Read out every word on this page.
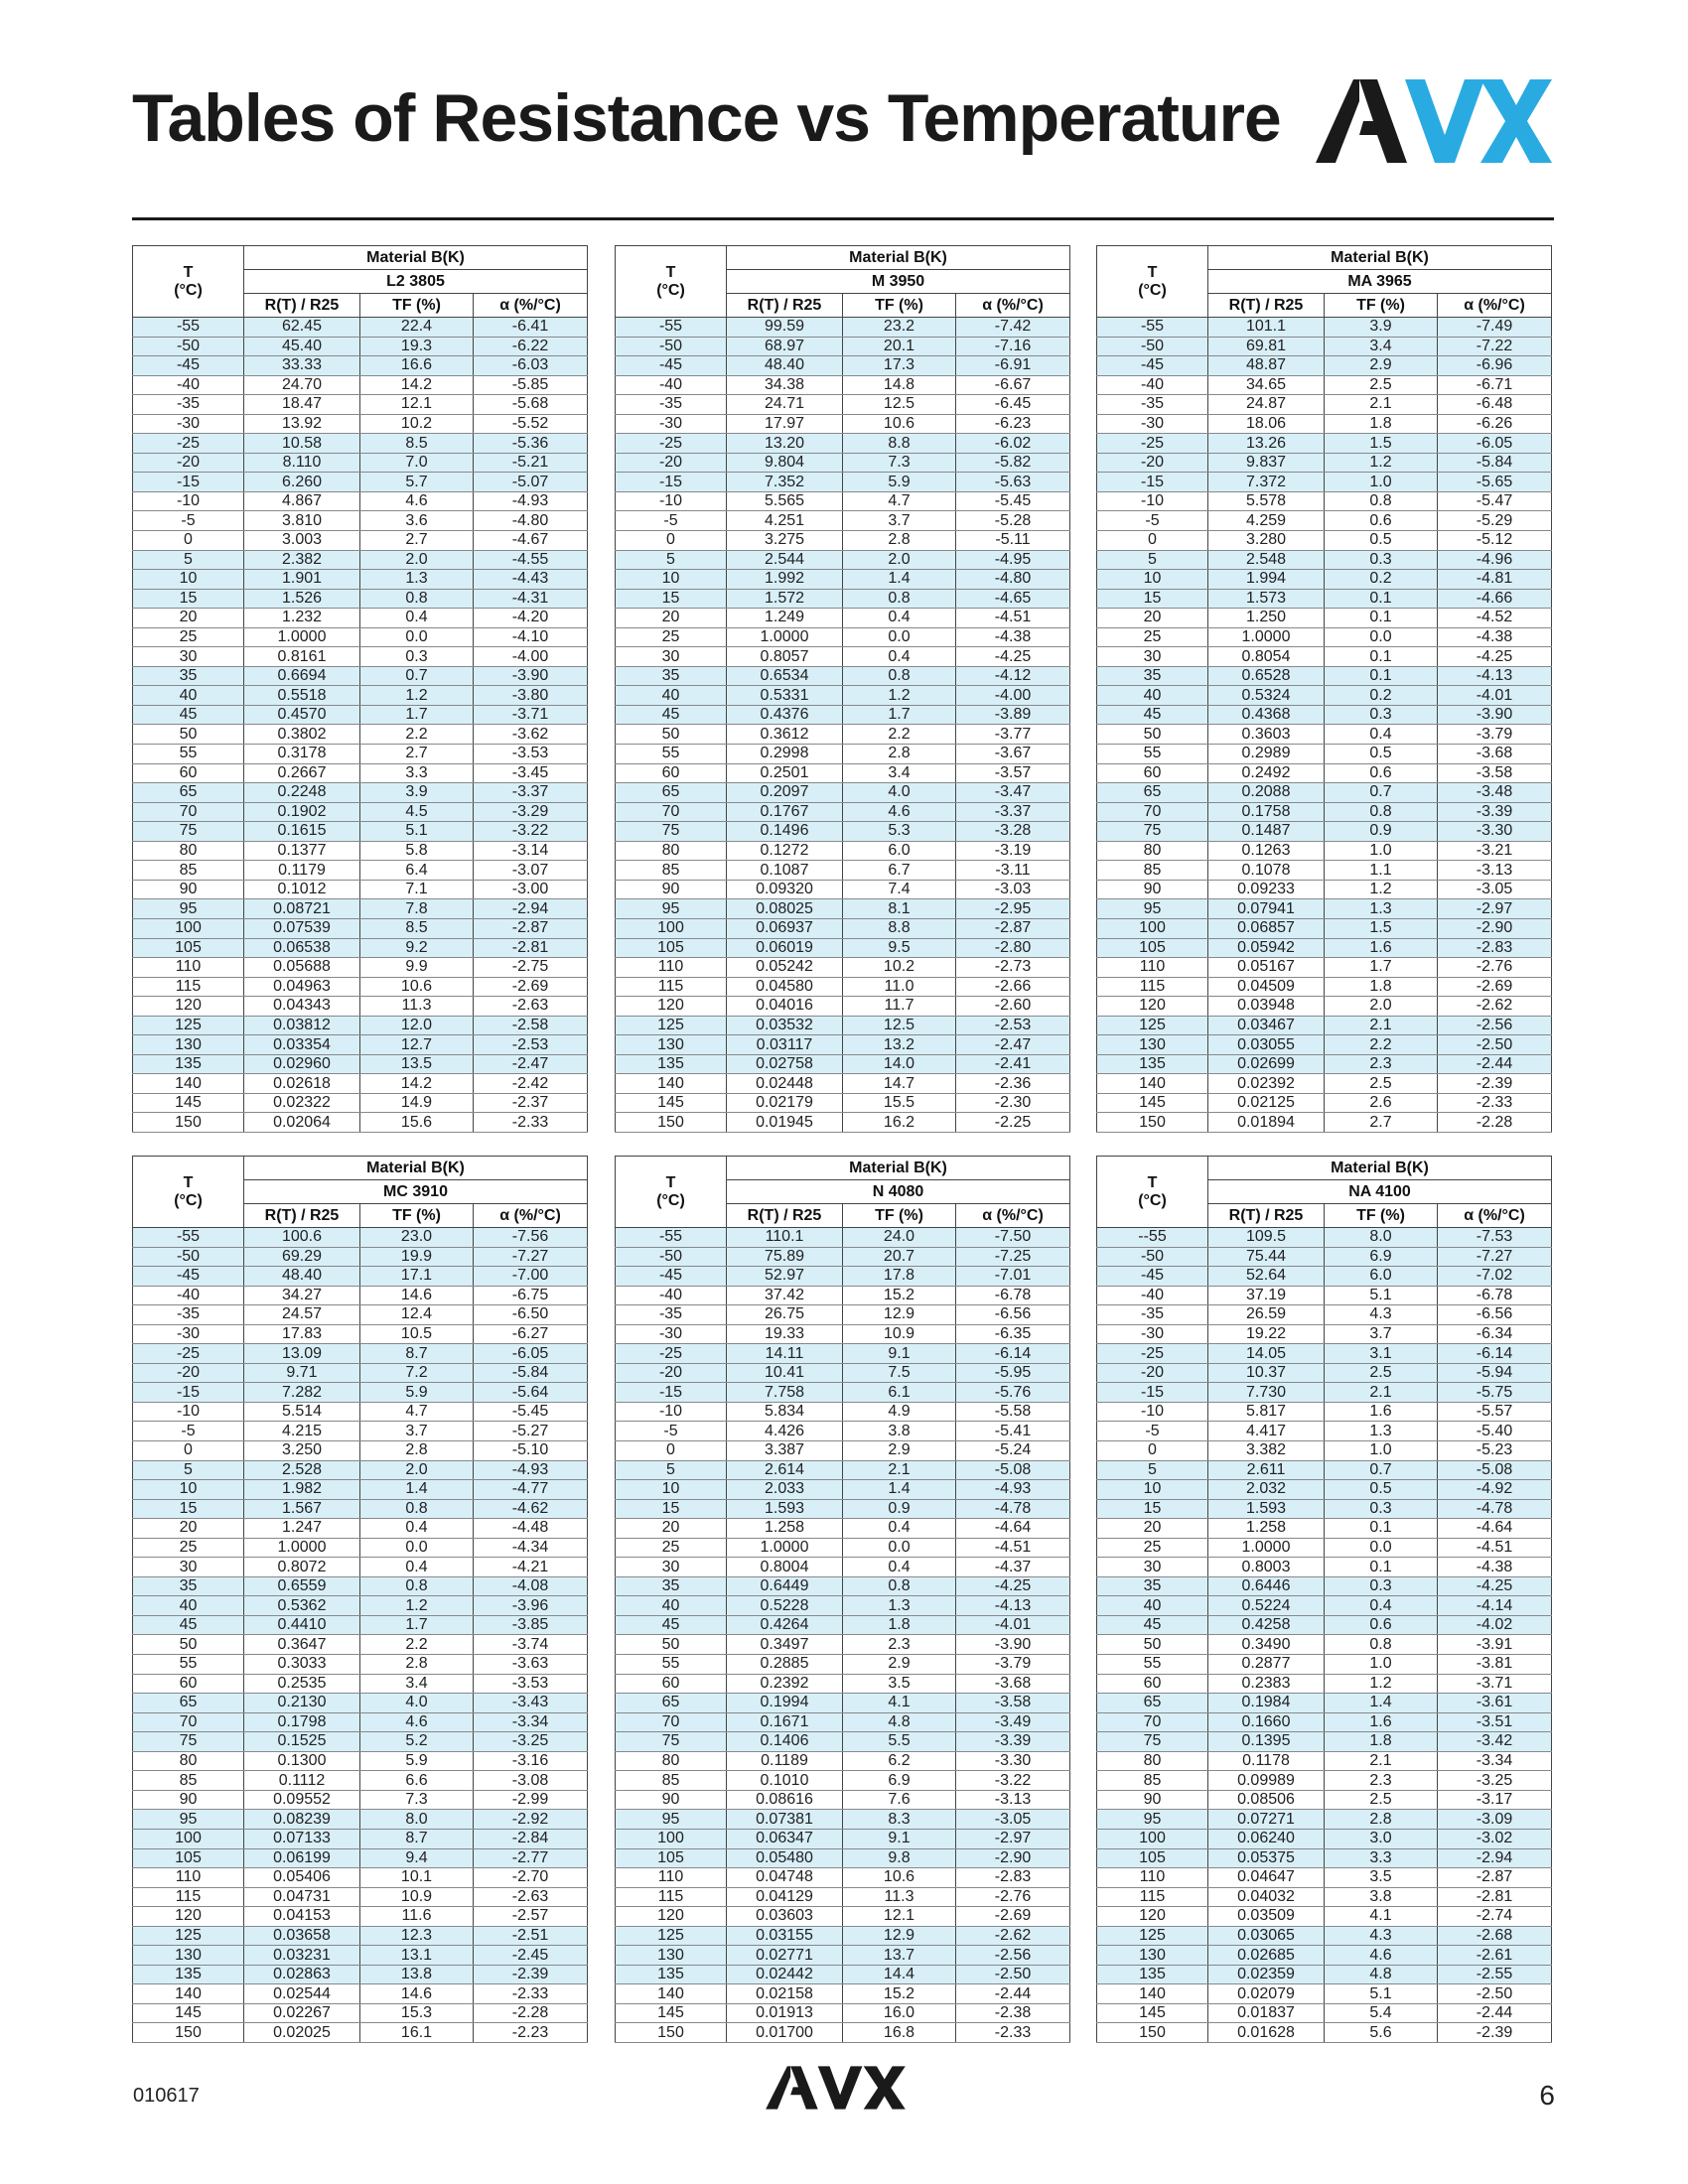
Tables of Resistance vs Temperature
T
(°C)	Material B(K)		
	L2 3805		
	R(T) / R25	TF (%)	α (%/°C)
-55	62.45	22.4	-6.41
-50	45.40	19.3	-6.22
-45	33.33	16.6	-6.03
-40	24.70	14.2	-5.85
-35	18.47	12.1	-5.68
-30	13.92	10.2	-5.52
-25	10.58	8.5	-5.36
-20	8.110	7.0	-5.21
-15	6.260	5.7	-5.07
-10	4.867	4.6	-4.93
-5	3.810	3.6	-4.80
0	3.003	2.7	-4.67
5	2.382	2.0	-4.55
10	1.901	1.3	-4.43
15	1.526	0.8	-4.31
20	1.232	0.4	-4.20
25	1.0000	0.0	-4.10
30	0.8161	0.3	-4.00
35	0.6694	0.7	-3.90
40	0.5518	1.2	-3.80
45	0.4570	1.7	-3.71
50	0.3802	2.2	-3.62
55	0.3178	2.7	-3.53
60	0.2667	3.3	-3.45
65	0.2248	3.9	-3.37
70	0.1902	4.5	-3.29
75	0.1615	5.1	-3.22
80	0.1377	5.8	-3.14
85	0.1179	6.4	-3.07
90	0.1012	7.1	-3.00
95	0.08721	7.8	-2.94
100	0.07539	8.5	-2.87
105	0.06538	9.2	-2.81
110	0.05688	9.9	-2.75
115	0.04963	10.6	-2.69
120	0.04343	11.3	-2.63
125	0.03812	12.0	-2.58
130	0.03354	12.7	-2.53
135	0.02960	13.5	-2.47
140	0.02618	14.2	-2.42
145	0.02322	14.9	-2.37
150	0.02064	15.6	-2.33
T
(°C)	Material B(K)		
	M 3950		
	R(T) / R25	TF (%)	α (%/°C)
-55	99.59	23.2	-7.42
-50	68.97	20.1	-7.16
-45	48.40	17.3	-6.91
-40	34.38	14.8	-6.67
-35	24.71	12.5	-6.45
-30	17.97	10.6	-6.23
-25	13.20	8.8	-6.02
-20	9.804	7.3	-5.82
-15	7.352	5.9	-5.63
-10	5.565	4.7	-5.45
-5	4.251	3.7	-5.28
0	3.275	2.8	-5.11
5	2.544	2.0	-4.95
10	1.992	1.4	-4.80
15	1.572	0.8	-4.65
20	1.249	0.4	-4.51
25	1.0000	0.0	-4.38
30	0.8057	0.4	-4.25
35	0.6534	0.8	-4.12
40	0.5331	1.2	-4.00
45	0.4376	1.7	-3.89
50	0.3612	2.2	-3.77
55	0.2998	2.8	-3.67
60	0.2501	3.4	-3.57
65	0.2097	4.0	-3.47
70	0.1767	4.6	-3.37
75	0.1496	5.3	-3.28
80	0.1272	6.0	-3.19
85	0.1087	6.7	-3.11
90	0.09320	7.4	-3.03
95	0.08025	8.1	-2.95
100	0.06937	8.8	-2.87
105	0.06019	9.5	-2.80
110	0.05242	10.2	-2.73
115	0.04580	11.0	-2.66
120	0.04016	11.7	-2.60
125	0.03532	12.5	-2.53
130	0.03117	13.2	-2.47
135	0.02758	14.0	-2.41
140	0.02448	14.7	-2.36
145	0.02179	15.5	-2.30
150	0.01945	16.2	-2.25
T
(°C)	Material B(K)		
	MA 3965		
	R(T) / R25	TF (%)	α (%/°C)
-55	101.1	3.9	-7.49
-50	69.81	3.4	-7.22
-45	48.87	2.9	-6.96
-40	34.65	2.5	-6.71
-35	24.87	2.1	-6.48
-30	18.06	1.8	-6.26
-25	13.26	1.5	-6.05
-20	9.837	1.2	-5.84
-15	7.372	1.0	-5.65
-10	5.578	0.8	-5.47
-5	4.259	0.6	-5.29
0	3.280	0.5	-5.12
5	2.548	0.3	-4.96
10	1.994	0.2	-4.81
15	1.573	0.1	-4.66
20	1.250	0.1	-4.52
25	1.0000	0.0	-4.38
30	0.8054	0.1	-4.25
35	0.6528	0.1	-4.13
40	0.5324	0.2	-4.01
45	0.4368	0.3	-3.90
50	0.3603	0.4	-3.79
55	0.2989	0.5	-3.68
60	0.2492	0.6	-3.58
65	0.2088	0.7	-3.48
70	0.1758	0.8	-3.39
75	0.1487	0.9	-3.30
80	0.1263	1.0	-3.21
85	0.1078	1.1	-3.13
90	0.09233	1.2	-3.05
95	0.07941	1.3	-2.97
100	0.06857	1.5	-2.90
105	0.05942	1.6	-2.83
110	0.05167	1.7	-2.76
115	0.04509	1.8	-2.69
120	0.03948	2.0	-2.62
125	0.03467	2.1	-2.56
130	0.03055	2.2	-2.50
135	0.02699	2.3	-2.44
140	0.02392	2.5	-2.39
145	0.02125	2.6	-2.33
150	0.01894	2.7	-2.28
T
(°C)	Material B(K)		
	MC 3910		
	R(T) / R25	TF (%)	α (%/°C)
-55	100.6	23.0	-7.56
-50	69.29	19.9	-7.27
-45	48.40	17.1	-7.00
-40	34.27	14.6	-6.75
-35	24.57	12.4	-6.50
-30	17.83	10.5	-6.27
-25	13.09	8.7	-6.05
-20	9.71	7.2	-5.84
-15	7.282	5.9	-5.64
-10	5.514	4.7	-5.45
-5	4.215	3.7	-5.27
0	3.250	2.8	-5.10
5	2.528	2.0	-4.93
10	1.982	1.4	-4.77
15	1.567	0.8	-4.62
20	1.247	0.4	-4.48
25	1.0000	0.0	-4.34
30	0.8072	0.4	-4.21
35	0.6559	0.8	-4.08
40	0.5362	1.2	-3.96
45	0.4410	1.7	-3.85
50	0.3647	2.2	-3.74
55	0.3033	2.8	-3.63
60	0.2535	3.4	-3.53
65	0.2130	4.0	-3.43
70	0.1798	4.6	-3.34
75	0.1525	5.2	-3.25
80	0.1300	5.9	-3.16
85	0.1112	6.6	-3.08
90	0.09552	7.3	-2.99
95	0.08239	8.0	-2.92
100	0.07133	8.7	-2.84
105	0.06199	9.4	-2.77
110	0.05406	10.1	-2.70
115	0.04731	10.9	-2.63
120	0.04153	11.6	-2.57
125	0.03658	12.3	-2.51
130	0.03231	13.1	-2.45
135	0.02863	13.8	-2.39
140	0.02544	14.6	-2.33
145	0.02267	15.3	-2.28
150	0.02025	16.1	-2.23
T
(°C)	Material B(K)		
	N 4080		
	R(T) / R25	TF (%)	α (%/°C)
-55	110.1	24.0	-7.50
-50	75.89	20.7	-7.25
-45	52.97	17.8	-7.01
-40	37.42	15.2	-6.78
-35	26.75	12.9	-6.56
-30	19.33	10.9	-6.35
-25	14.11	9.1	-6.14
-20	10.41	7.5	-5.95
-15	7.758	6.1	-5.76
-10	5.834	4.9	-5.58
-5	4.426	3.8	-5.41
0	3.387	2.9	-5.24
5	2.614	2.1	-5.08
10	2.033	1.4	-4.93
15	1.593	0.9	-4.78
20	1.258	0.4	-4.64
25	1.0000	0.0	-4.51
30	0.8004	0.4	-4.37
35	0.6449	0.8	-4.25
40	0.5228	1.3	-4.13
45	0.4264	1.8	-4.01
50	0.3497	2.3	-3.90
55	0.2885	2.9	-3.79
60	0.2392	3.5	-3.68
65	0.1994	4.1	-3.58
70	0.1671	4.8	-3.49
75	0.1406	5.5	-3.39
80	0.1189	6.2	-3.30
85	0.1010	6.9	-3.22
90	0.08616	7.6	-3.13
95	0.07381	8.3	-3.05
100	0.06347	9.1	-2.97
105	0.05480	9.8	-2.90
110	0.04748	10.6	-2.83
115	0.04129	11.3	-2.76
120	0.03603	12.1	-2.69
125	0.03155	12.9	-2.62
130	0.02771	13.7	-2.56
135	0.02442	14.4	-2.50
140	0.02158	15.2	-2.44
145	0.01913	16.0	-2.38
150	0.01700	16.8	-2.33
T
(°C)	Material B(K)		
	NA 4100		
	R(T) / R25	TF (%)	α (%/°C)
--55	109.5	8.0	-7.53
-50	75.44	6.9	-7.27
-45	52.64	6.0	-7.02
-40	37.19	5.1	-6.78
-35	26.59	4.3	-6.56
-30	19.22	3.7	-6.34
-25	14.05	3.1	-6.14
-20	10.37	2.5	-5.94
-15	7.730	2.1	-5.75
-10	5.817	1.6	-5.57
-5	4.417	1.3	-5.40
0	3.382	1.0	-5.23
5	2.611	0.7	-5.08
10	2.032	0.5	-4.92
15	1.593	0.3	-4.78
20	1.258	0.1	-4.64
25	1.0000	0.0	-4.51
30	0.8003	0.1	-4.38
35	0.6446	0.3	-4.25
40	0.5224	0.4	-4.14
45	0.4258	0.6	-4.02
50	0.3490	0.8	-3.91
55	0.2877	1.0	-3.81
60	0.2383	1.2	-3.71
65	0.1984	1.4	-3.61
70	0.1660	1.6	-3.51
75	0.1395	1.8	-3.42
80	0.1178	2.1	-3.34
85	0.09989	2.3	-3.25
90	0.08506	2.5	-3.17
95	0.07271	2.8	-3.09
100	0.06240	3.0	-3.02
105	0.05375	3.3	-2.94
110	0.04647	3.5	-2.87
115	0.04032	3.8	-2.81
120	0.03509	4.1	-2.74
125	0.03065	4.3	-2.68
130	0.02685	4.6	-2.61
135	0.02359	4.8	-2.55
140	0.02079	5.1	-2.50
145	0.01837	5.4	-2.44
150	0.01628	5.6	-2.39
010617	6
